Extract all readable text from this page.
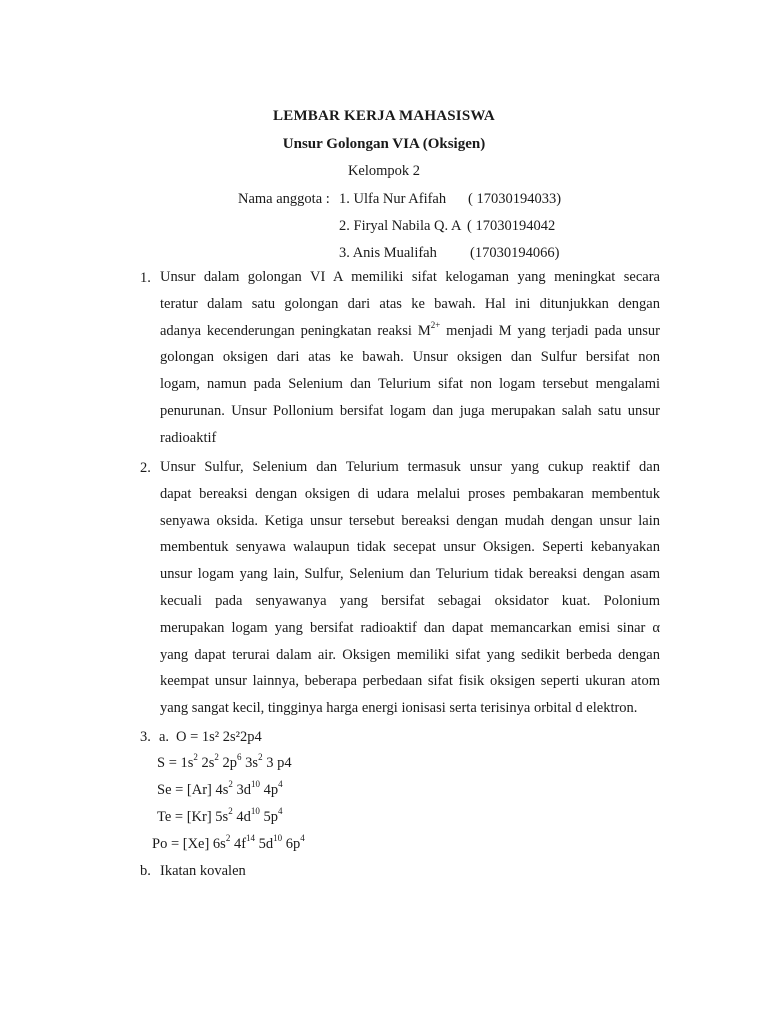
LEMBAR KERJA MAHASISWA
Unsur Golongan VIA (Oksigen)
Kelompok 2
Nama anggota : 1. Ulfa Nur Afifah ( 17030194033)
2. Firyal Nabila Q. A ( 17030194042
3. Anis Mualifah (17030194066)
1. Unsur dalam golongan VI A memiliki sifat kelogaman yang meningkat secara
teratur dalam satu golongan dari atas ke bawah. Hal ini ditunjukkan dengan
adanya kecenderungan peningkatan reaksi $M^{2+}$ menjadi M yang terjadi pada unsur
golongan oksigen dari atas ke bawah. Unsur oksigen dan Sulfur bersifat non
logam, namun pada Selenium dan Telurium sifat non logam tersebut mengalami
penurunan. Unsur Pollonium bersifat logam dan juga merupakan salah satu unsur
radioaktif
2. Unsur Sulfur, Selenium dan Telurium termasuk unsur yang cukup reaktif dan
dapat bereaksi dengan oksigen di udara melalui proses pembakaran membentuk
senyawa oksida. Ketiga unsur tersebut bereaksi dengan mudah dengan unsur lain
membentuk senyawa walaupun tidak secepat unsur Oksigen. Seperti kebanyakan
unsur logam yang lain, Sulfur, Selenium dan Telurium tidak bereaksi dengan asam
kecuali pada senyawanya yang bersifat sebagai oksidator kuat. Polonium
merupakan logam yang bersifat radioaktif dan dapat memancarkan emisi sinar α
yang dapat terurai dalam air. Oksigen memiliki sifat yang sedikit berbeda dengan
keempat unsur lainnya, beberapa perbedaan sifat fisik oksigen seperti ukuran atom
yang sangat kecil, tingginya harga energi ionisasi serta terisinya orbital d elektron.
3. a. O = 1s² 2s²2p4
$S = 1s^2$ $2s^2$ $2p^6$ $3s^2$ 3 p4
Se = [Ar] $4s^2$ $3d^{10}$ $4p^4$
Te = [Kr] $5s^2$ $4d^{10}$ $5p^4$
Po = [Xe] $6s^2$ $4f^{14}$ $5d^{10}$ $6p^4$
b. Ikatan kovalen
